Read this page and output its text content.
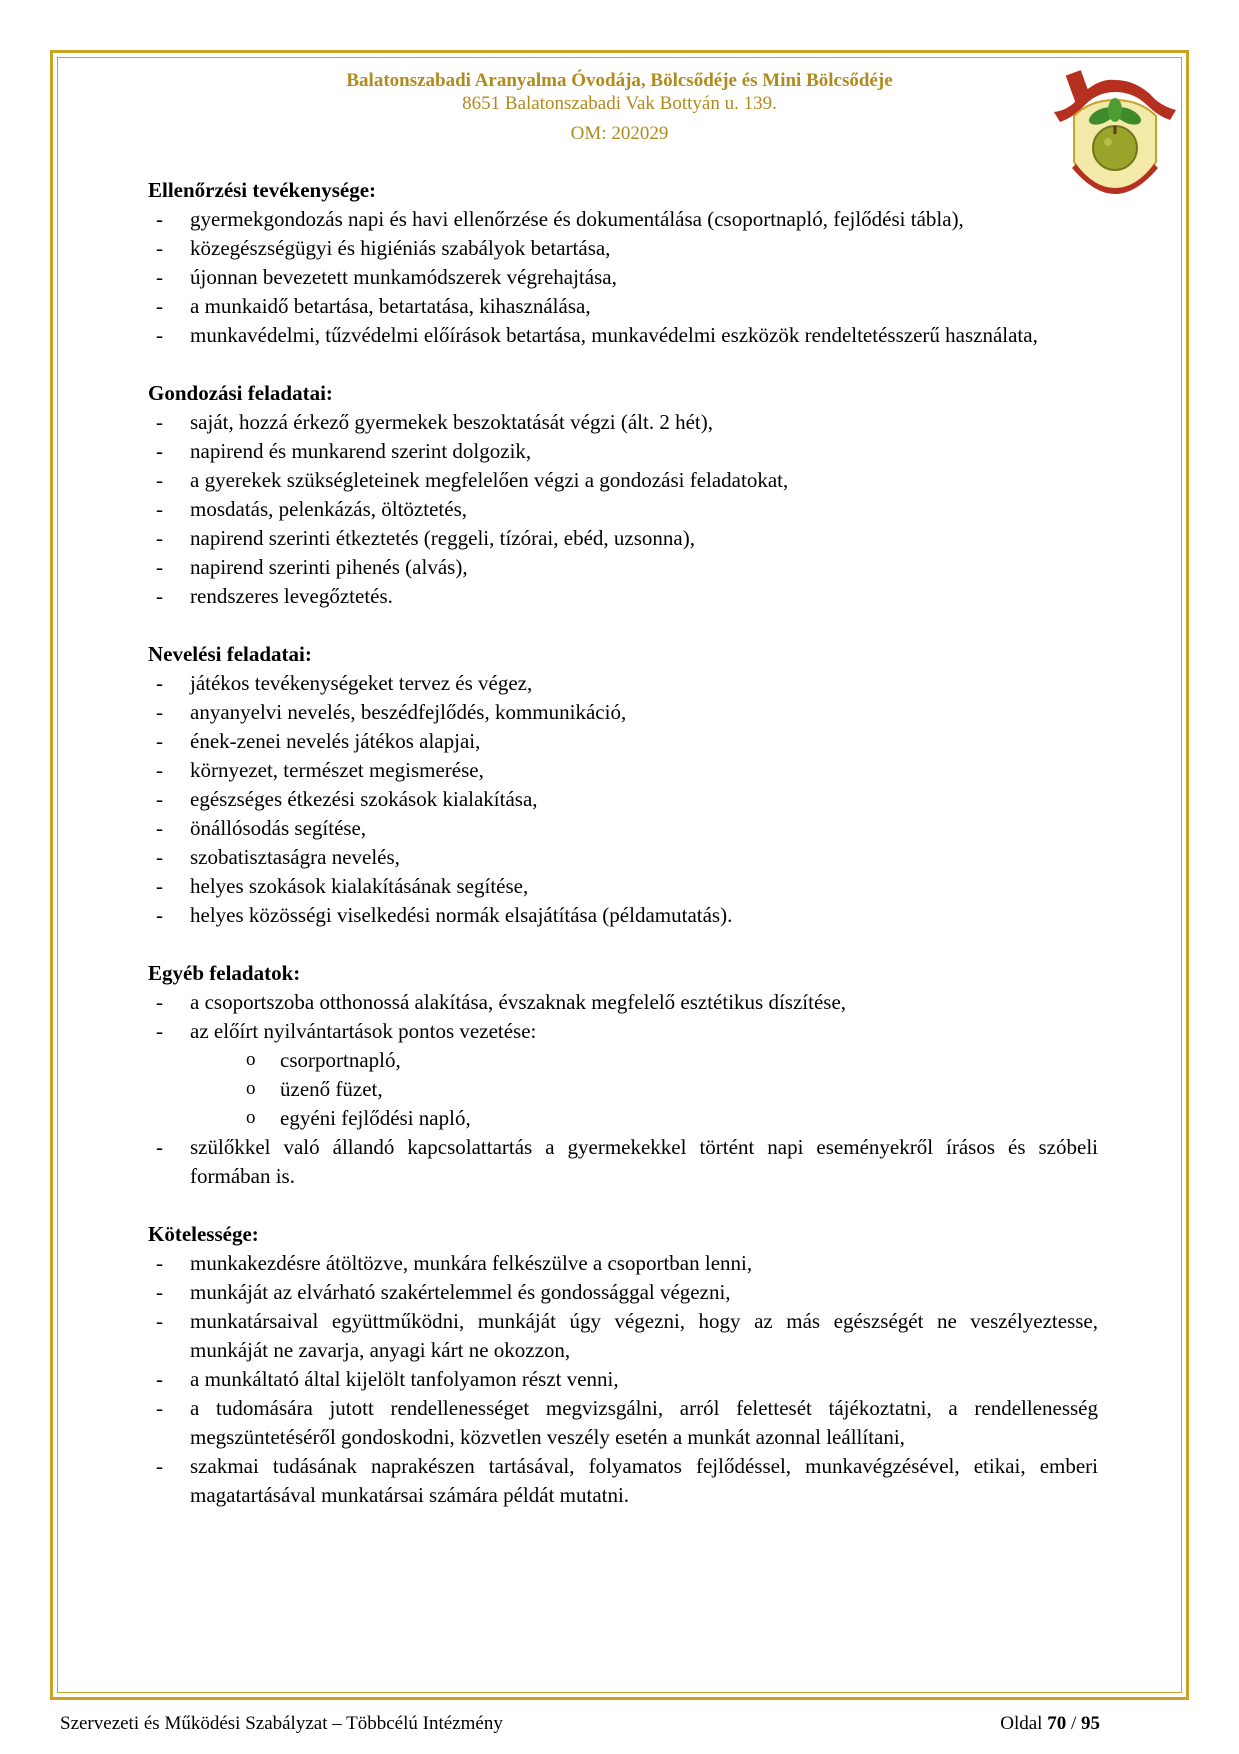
Balatonszabadi Aranyalma Óvodája, Bölcsődéje és Mini Bölcsődéje
8651 Balatonszabadi Vak Bottyán u. 139.
OM: 202029
Ellenőrzési tevékenysége:
- gyermekgondozás napi és havi ellenőrzése és dokumentálása (csoportnapló, fejlődési tábla),
- közegészségügyi és higiéniás szabályok betartása,
- újonnan bevezetett munkamódszerek végrehajtása,
- a munkaidő betartása, betartatása, kihasználása,
- munkavédelmi, tűzvédelmi előírások betartása, munkavédelmi eszközök rendeltetésszerű használata,
Gondozási feladatai:
- saját, hozzá érkező gyermekek beszoktatását végzi (ált. 2 hét),
- napirend és munkarend szerint dolgozik,
- a gyerekek szükségleteinek megfelelően végzi a gondozási feladatokat,
- mosdatás, pelenkázás, öltöztetés,
- napirend szerinti étkeztetés (reggeli, tízórai, ebéd, uzsonna),
- napirend szerinti pihenés (alvás),
- rendszeres levegőztetés.
Nevelési feladatai:
- játékos tevékenységeket tervez és végez,
- anyanyelvi nevelés, beszédfejlődés, kommunikáció,
- ének-zenei nevelés játékos alapjai,
- környezet, természet megismerése,
- egészséges étkezési szokások kialakítása,
- önállósodás segítése,
- szobatisztaságra nevelés,
- helyes szokások kialakításának segítése,
- helyes közösségi viselkedési normák elsajátítása (példamutatás).
Egyéb feladatok:
- a csoportszoba otthonossá alakítása, évszaknak megfelelő esztétikus díszítése,
- az előírt nyilvántartások pontos vezetése:
o csorportnapló,
o üzenő füzet,
o egyéni fejlődési napló,
- szülőkkel való állandó kapcsolattartás a gyermekekkel történt napi eseményekről írásos és szóbeli formában is.
Kötelessége:
- munkakezdésre átöltözve, munkára felkészülve a csoportban lenni,
- munkáját az elvárható szakértelemmel és gondossággal végezni,
- munkatársaival együttműködni, munkáját úgy végezni, hogy az más egészségét ne veszélyeztesse, munkáját ne zavarja, anyagi kárt ne okozzon,
- a munkáltató által kijelölt tanfolyamon részt venni,
- a tudomására jutott rendellenességet megvizsgálni, arról felettesét tájékoztatni, a rendellenesség megszüntetéséről gondoskodni, közvetlen veszély esetén a munkát azonnal leállítani,
- szakmai tudásának naprakészen tartásával, folyamatos fejlődéssel, munkavégzésével, etikai, emberi magatartásával munkatársai számára példát mutatni.
Szervezeti és Működési Szabályzat – Többcélú Intézmény	Oldal 70 / 95
